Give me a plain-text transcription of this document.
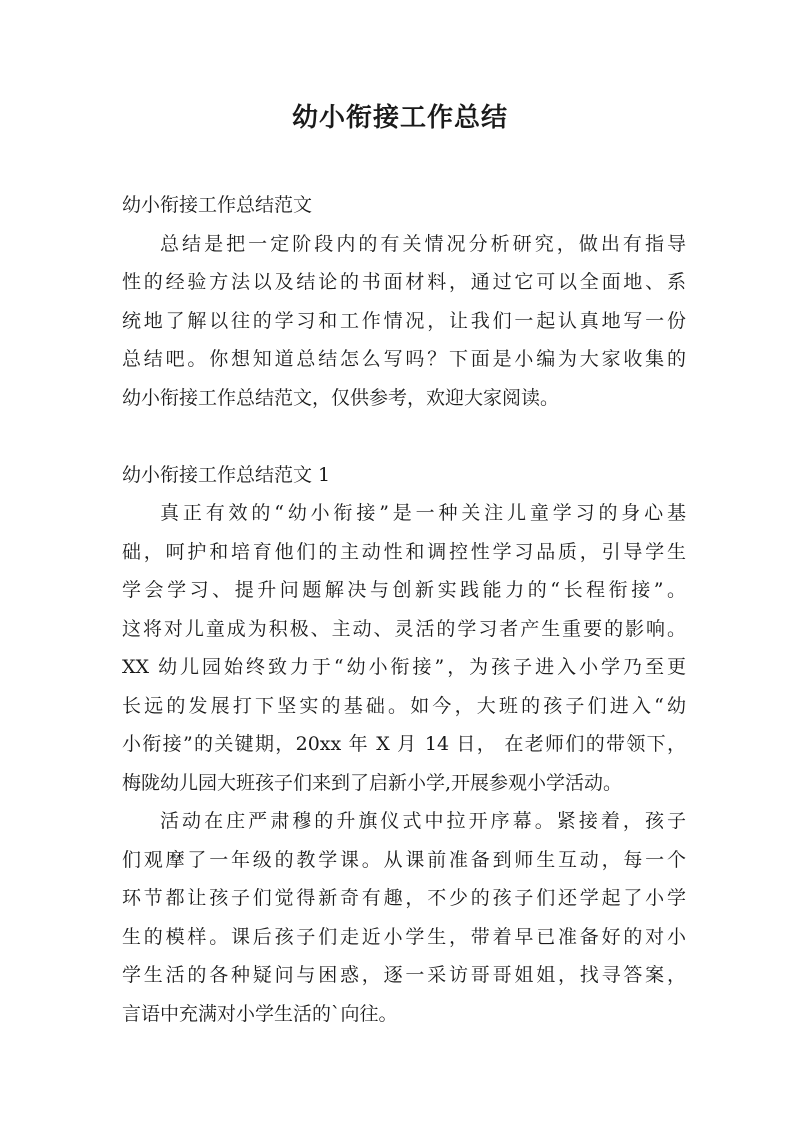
幼小衔接工作总结

幼小衔接工作总结范文

总结是把一定阶段内的有关情况分析研究，做出有指导
性的经验方法以及结论的书面材料，通过它可以全面地、系
统地了解以往的学习和工作情况，让我们一起认真地写一份
总结吧。你想知道总结怎么写吗？下面是小编为大家收集的
幼小衔接工作总结范文，仅供参考，欢迎大家阅读。

幼小衔接工作总结范文 1

真正有效的“幼小衔接”是一种关注儿童学习的身心基
础，呵护和培育他们的主动性和调控性学习品质，引导学生
学会学习、提升问题解决与创新实践能力的“长程衔接”。
这将对儿童成为积极、主动、灵活的学习者产生重要的影响。
XX 幼儿园始终致力于“幼小衔接”，为孩子进入小学乃至更
长远的发展打下坚实的基础。如今，大班的孩子们进入“幼
小衔接”的关键期，20xx 年 X 月 14 日， 在老师们的带领下，
梅陇幼儿园大班孩子们来到了启新小学,开展参观小学活动。
活动在庄严肃穆的升旗仪式中拉开序幕。紧接着，孩子
们观摩了一年级的教学课。从课前准备到师生互动，每一个
环节都让孩子们觉得新奇有趣，不少的孩子们还学起了小学
生的模样。课后孩子们走近小学生，带着早已准备好的对小
学生活的各种疑问与困惑，逐一采访哥哥姐姐，找寻答案，
言语中充满对小学生活的`向往。
